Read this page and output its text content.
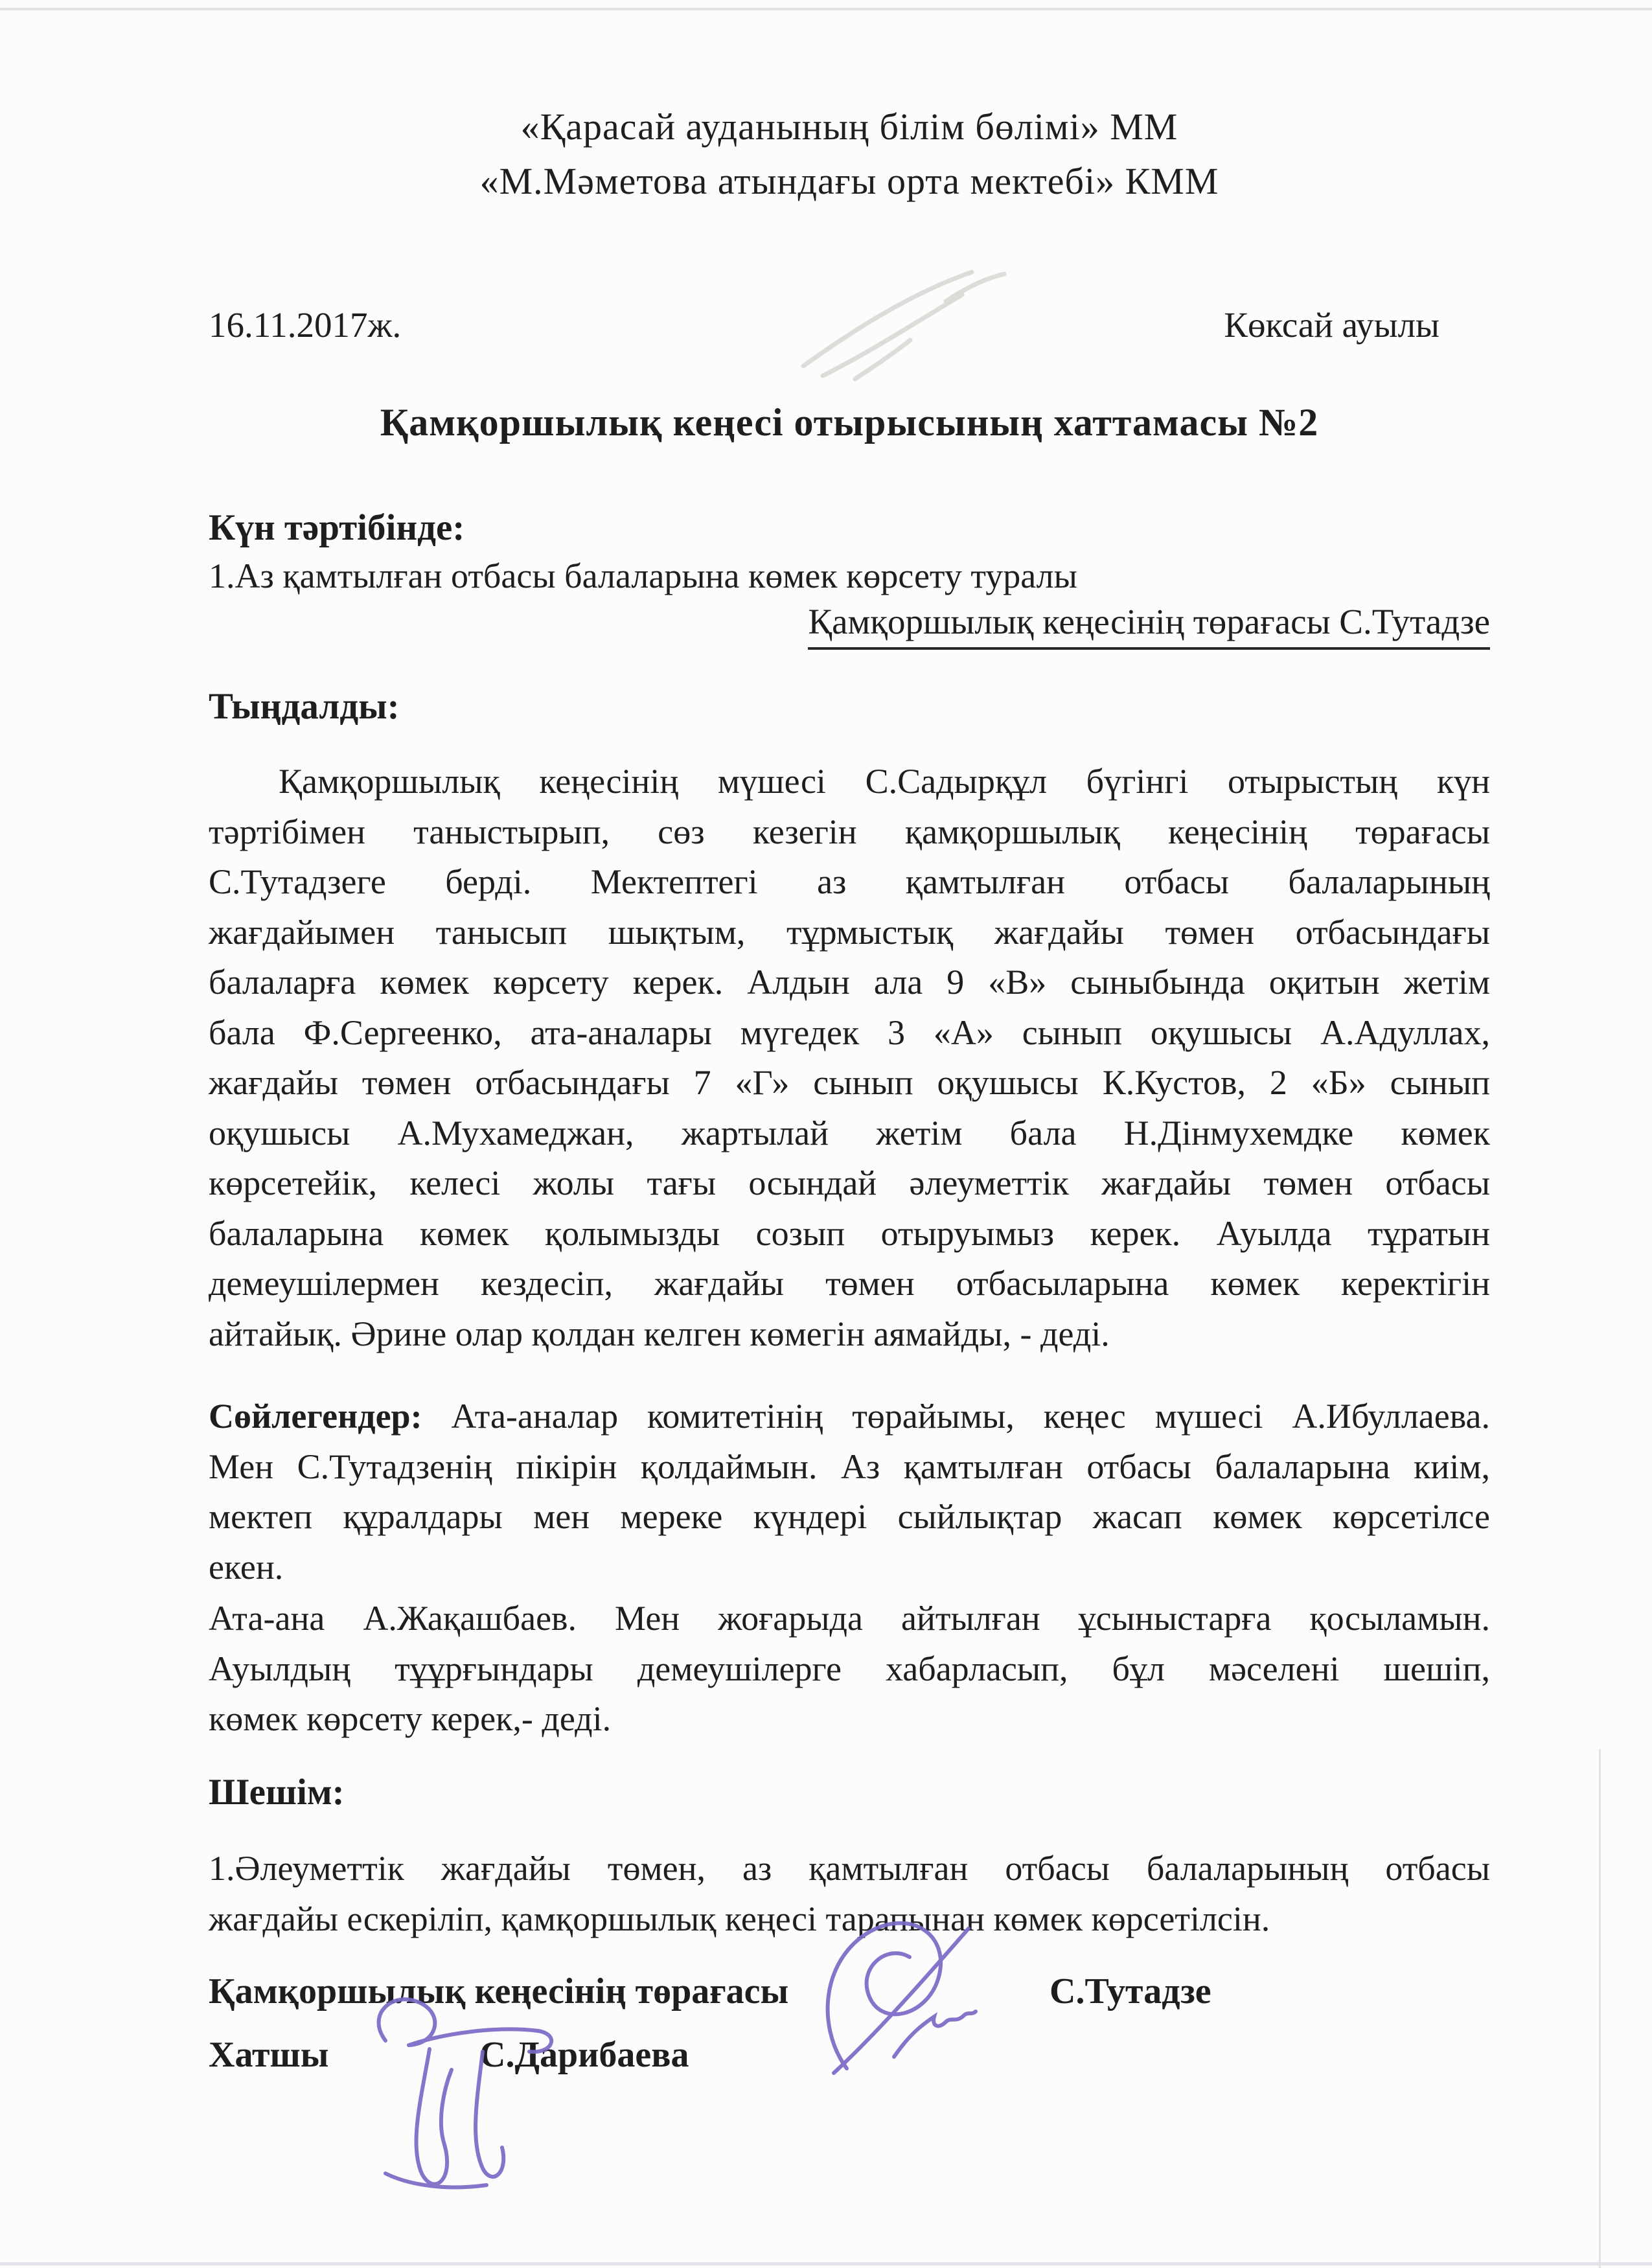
«Қарасай ауданының білім бөлімі» ММ
«М.Мәметова атындағы орта мектебі» КММ
16.11.2017ж.	Көксай ауылы
Қамқоршылық кеңесі отырысының хаттамасы №2
Күн тәртібінде:
1.Аз қамтылған отбасы балаларына көмек көрсету туралы
Қамқоршылық кеңесінің төрағасы С.Тутадзе
Тыңдалды:
Қамқоршылық кеңесінің мүшесі С.Садырқұл бүгінгі отырыстың күн
тәртібімен таныстырып, сөз кезегін қамқоршылық кеңесінің төрағасы
С.Тутадзеге берді. Мектептегі аз қамтылған отбасы балаларының
жағдайымен танысып шықтым, тұрмыстық жағдайы төмен отбасындағы
балаларға көмек көрсету керек. Алдын ала 9 «В» сыныбында оқитын жетім
бала Ф.Сергеенко, ата-аналары мүгедек 3 «А» сынып оқушысы А.Адуллах,
жағдайы төмен отбасындағы 7 «Г» сынып оқушысы К.Кустов, 2 «Б» сынып
оқушысы А.Мухамеджан, жартылай жетім бала Н.Дінмухемдке көмек
көрсетейік, келесі жолы тағы осындай әлеуметтік жағдайы төмен отбасы
балаларына көмек қолымызды созып отыруымыз керек. Ауылда тұратын
демеушілермен кездесіп, жағдайы төмен отбасыларына көмек керектігін
айтайық. Әрине олар қолдан келген көмегін аямайды, - деді.
Сөйлегендер: Ата-аналар комитетінің төрайымы, кеңес мүшесі А.Ибуллаева.
Мен С.Тутадзенің пікірін қолдаймын. Аз қамтылған отбасы балаларына киім,
мектеп құралдары мен мереке күндері сыйлықтар жасап көмек көрсетілсе
екен.
Ата-ана А.Жақашбаев. Мен жоғарыда айтылған ұсыныстарға қосыламын.
Ауылдың тұұрғындары демеушілерге хабарласып, бұл мәселені шешіп,
көмек көрсету керек,- деді.
Шешім:
1.Әлеуметтік жағдайы төмен, аз қамтылған отбасы балаларының отбасы
жағдайы ескеріліп, қамқоршылық кеңесі тарапынан көмек көрсетілсін.
Қамқоршылық кеңесінің төрағасы	С.Тутадзе
Хатшы	С.Дарибаева
